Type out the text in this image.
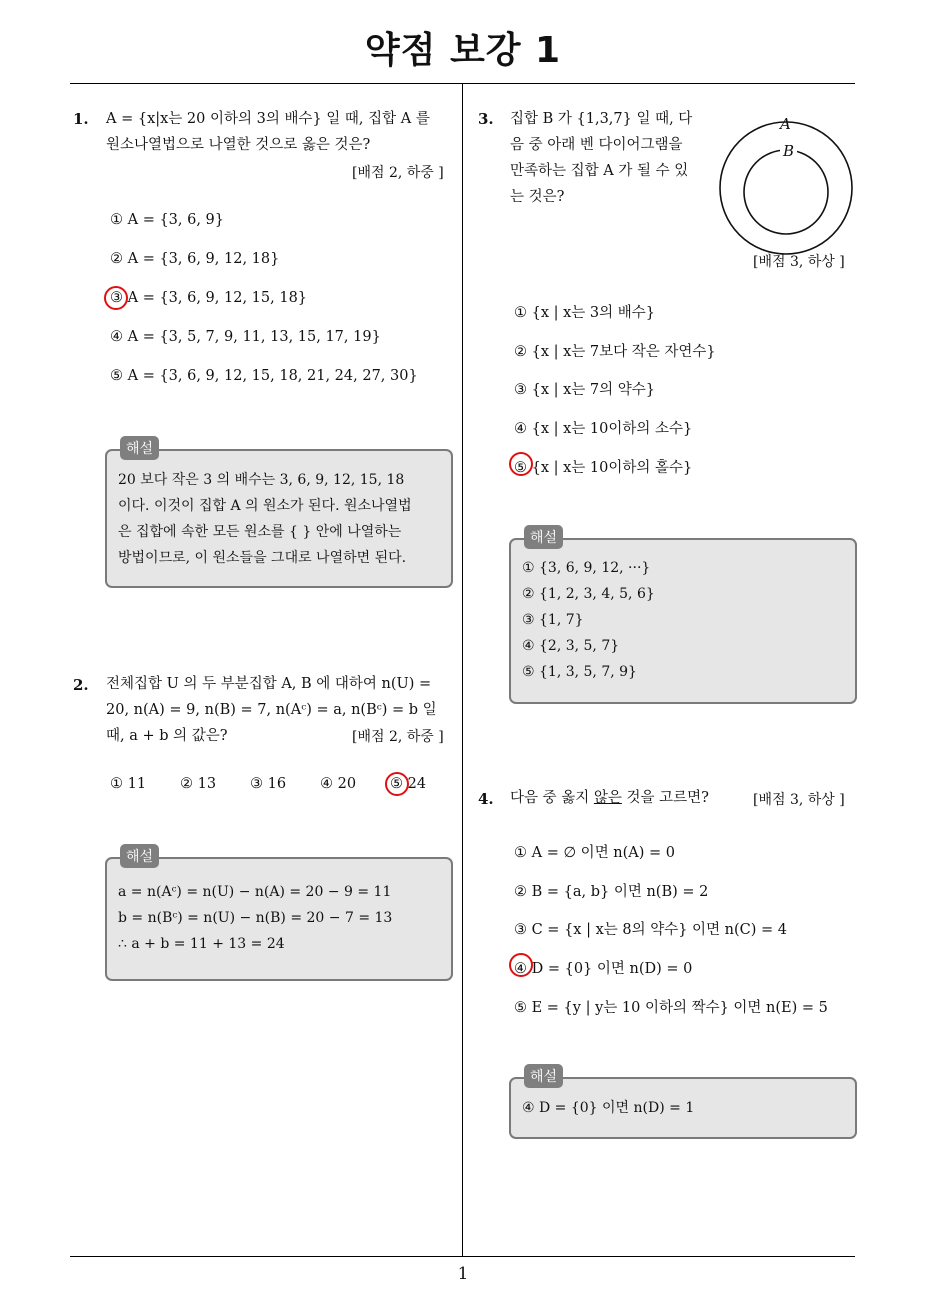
약점 보강 1
1. A = {x|x는 20 이하의 3의 배수} 일 때, 집합 A 를
원소나열법으로 나열한 것으로 옳은 것은?
[배점 2, 하중 ]
① A = {3, 6, 9}
② A = {3, 6, 9, 12, 18}
③ A = {3, 6, 9, 12, 15, 18}
④ A = {3, 5, 7, 9, 11, 13, 15, 17, 19}
⑤ A = {3, 6, 9, 12, 15, 18, 21, 24, 27, 30}
해설
20 보다 작은 3 의 배수는 3, 6, 9, 12, 15, 18
이다. 이것이 집합 A 의 원소가 된다. 원소나열법
은 집합에 속한 모든 원소를 { } 안에 나열하는
방법이므로, 이 원소들을 그대로 나열하면 된다.
2. 전체집합 U 의 두 부분집합 A, B 에 대하여 n(U) =
20, n(A) = 9, n(B) = 7, n(Aᶜ) = a, n(Bᶜ) = b 일
때, a + b 의 값은?	[배점 2, 하중 ]
① 11 ② 13 ③ 16 ④ 20 ⑤ 24
해설
a = n(Aᶜ) = n(U) − n(A) = 20 − 9 = 11
b = n(Bᶜ) = n(U) − n(B) = 20 − 7 = 13
∴ a + b = 11 + 13 = 24
3. 집합 B 가 {1,3,7} 일 때, 다
음 중 아래 벤 다이어그램을
만족하는 집합 A 가 될 수 있
는 것은?
A
B
[배점 3, 하상 ]
① {x | x는 3의 배수}
② {x | x는 7보다 작은 자연수}
③ {x | x는 7의 약수}
④ {x | x는 10이하의 소수}
⑤ {x | x는 10이하의 홀수}
해설
① {3, 6, 9, 12, ···}
② {1, 2, 3, 4, 5, 6}
③ {1, 7}
④ {2, 3, 5, 7}
⑤ {1, 3, 5, 7, 9}
4. 다음 중 옳지 않은 것을 고르면?	[배점 3, 하상 ]
① A = ∅ 이면 n(A) = 0
② B = {a, b} 이면 n(B) = 2
③ C = {x | x는 8의 약수} 이면 n(C) = 4
④ D = {0} 이면 n(D) = 0
⑤ E = {y | y는 10 이하의 짝수} 이면 n(E) = 5
해설
④ D = {0} 이면 n(D) = 1
1
